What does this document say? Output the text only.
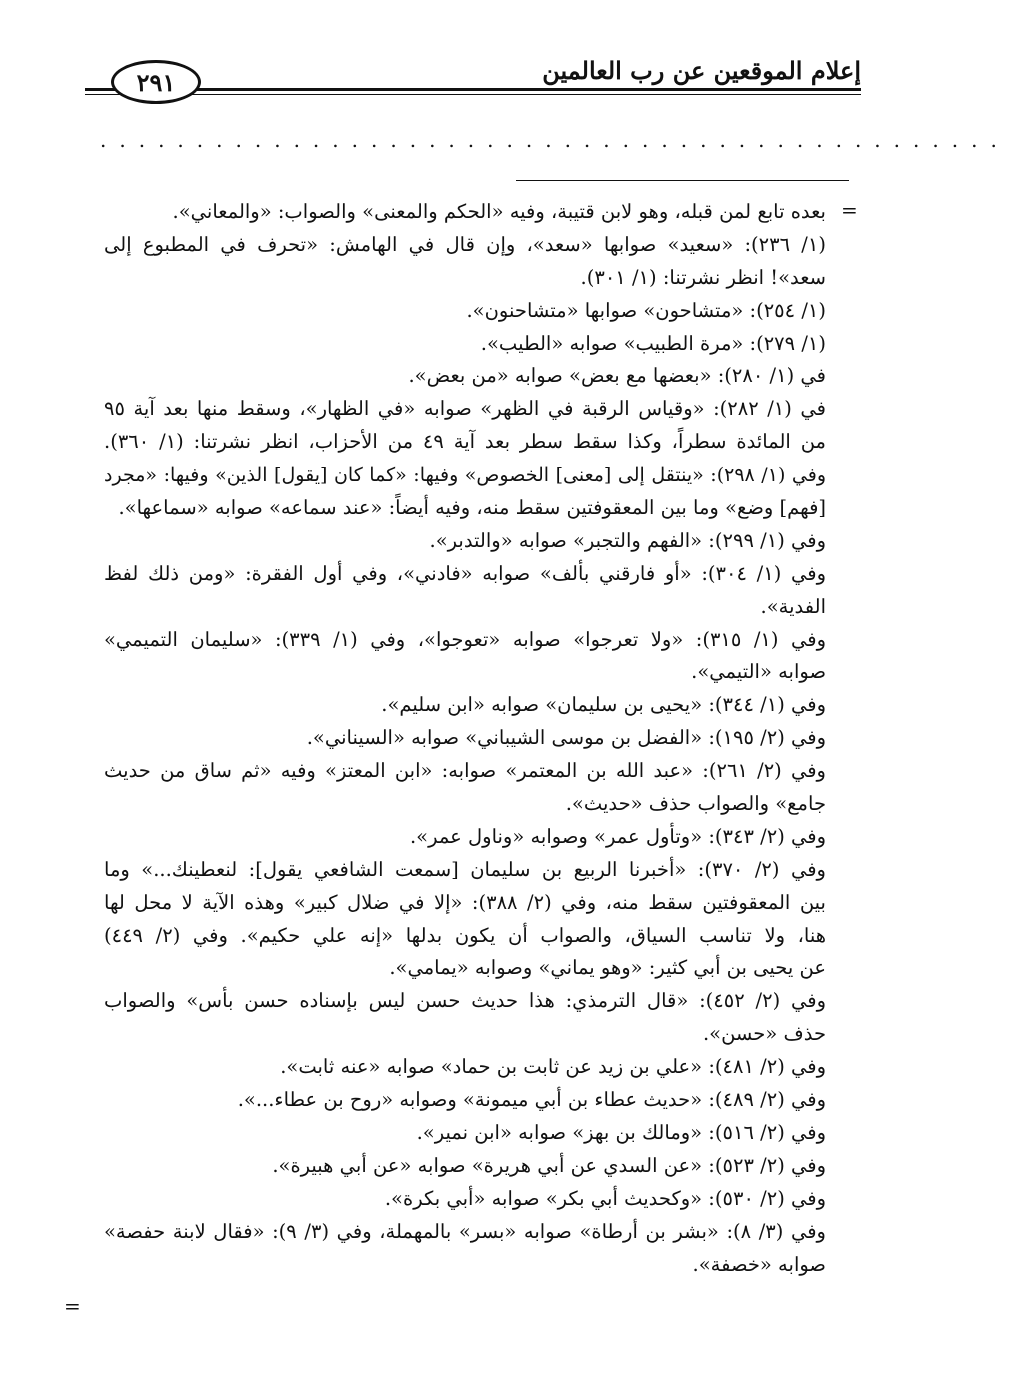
إعلام الموقعين عن رب العالمين
٢٩١
...............................................
=
بعده تابع لمن قبله، وهو لابن قتيبة، وفيه «الحكم والمعنى» والصواب: «والمعاني».
(١/ ٢٣٦): «سعيد» صوابها «سعد»، وإن قال في الهامش: «تحرف في المطبوع إلى
سعد»! انظر نشرتنا: (١/ ٣٠١).
(١/ ٢٥٤): «متشاحون» صوابها «متشاحنون».
(١/ ٢٧٩): «مرة الطبيب» صوابه «الطيب».
في (١/ ٢٨٠): «بعضها مع بعض» صوابه «من بعض».
في (١/ ٢٨٢): «وقياس الرقبة في الظهر» صوابه «في الظهار»، وسقط منها بعد آية ٩٥
من المائدة سطراً، وكذا سقط سطر بعد آية ٤٩ من الأحزاب، انظر نشرتنا: (١/ ٣٦٠).
وفي (١/ ٢٩٨): «ينتقل إلى [معنى] الخصوص» وفيها: «كما كان [يقول] الذين» وفيها: «مجرد
[فهم] وضع» وما بين المعقوفتين سقط منه، وفيه أيضاً: «عند سماعه» صوابه «سماعها».
وفي (١/ ٢٩٩): «الفهم والتجبر» صوابه «والتدبر».
وفي (١/ ٣٠٤): «أو فارقني بألف» صوابه «فادني»، وفي أول الفقرة: «ومن ذلك لفظ
الفدية».
وفي (١/ ٣١٥): «ولا تعرجوا» صوابه «تعوجوا»، وفي (١/ ٣٣٩): «سليمان التميمي»
صوابه «التيمي».
وفي (١/ ٣٤٤): «يحيى بن سليمان» صوابه «ابن سليم».
وفي (٢/ ١٩٥): «الفضل بن موسى الشيباني» صوابه «السيناني».
وفي (٢/ ٢٦١): «عبد الله بن المعتمر» صوابه: «ابن المعتز» وفيه «ثم ساق من حديث
جامع» والصواب حذف «حديث».
وفي (٢/ ٣٤٣): «وتأول عمر» وصوابه «وناول عمر».
وفي (٢/ ٣٧٠): «أخبرنا الربيع بن سليمان [سمعت الشافعي يقول]: لنعطينك...» وما
بين المعقوفتين سقط منه، وفي (٢/ ٣٨٨): «إلا في ضلال كبير» وهذه الآية لا محل لها
هنا، ولا تناسب السياق، والصواب أن يكون بدلها «إنه علي حكيم». وفي (٢/ ٤٤٩)
عن يحيى بن أبي كثير: «وهو يماني» وصوابه «يمامي».
وفي (٢/ ٤٥٢): «قال الترمذي: هذا حديث حسن ليس بإسناده حسن بأس» والصواب
حذف «حسن».
وفي (٢/ ٤٨١): «علي بن زيد عن ثابت بن حماد» صوابه «عنه ثابت».
وفي (٢/ ٤٨٩): «حديث عطاء بن أبي ميمونة» وصوابه «روح بن عطاء...».
وفي (٢/ ٥١٦): «ومالك بن بهز» صوابه «ابن نمير».
وفي (٢/ ٥٢٣): «عن السدي عن أبي هريرة» صوابه «عن أبي هبيرة».
وفي (٢/ ٥٣٠): «وكحديث أبي بكر» صوابه «أبي بكرة».
وفي (٣/ ٨): «بشر بن أرطاة» صوابه «بسر» بالمهملة، وفي (٣/ ٩): «فقال لابنة حفصة»
صوابه «خصفة».
=
